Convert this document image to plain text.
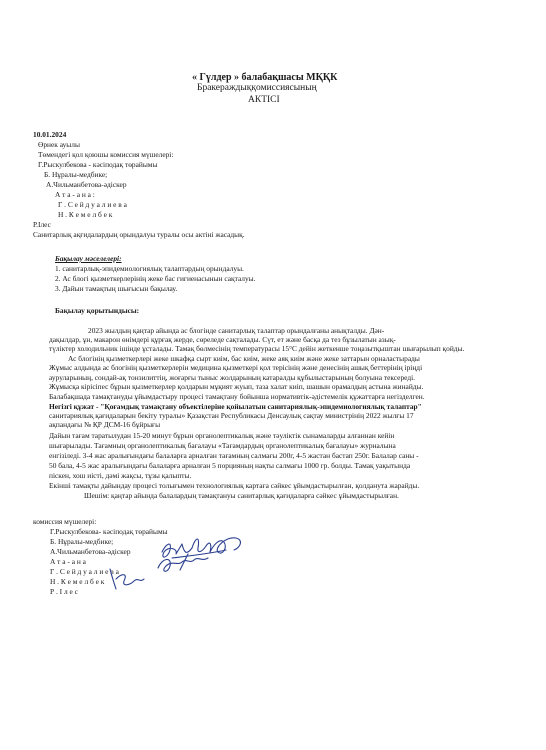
« Гүлдер » балабақшасы МҚҚК
Бракераждыққомиссиясының
АКТІСІ
10.01.2024
Өрнек ауылы
Төмендегі қол қоюшы комиссия мүшелері:
Г.Рыскулбекова - кәсіподақ төрайымы
Б. Нұралы-медбике;
А.Чильманбетова-әдіскер
А т а - а н а :
Г . С е й д у а л и е в а
Н . К е м е л б е к
Р.Ілес
Санитарлық ақғидалардың орындалуы туралы осы актіні жасадық.
Бақылау мәселелері:
1. санитарлық-эпидемиологиялық талаптардың орындалуы.
2. Ас блогі қызметкерлерінің жеке бас гигиенасынын сақталуы.
3. Дайын тамақтың шығысын бақылау.
Бақылау қорытындысы:
2023 жылдың қаңтар айында ас блогінде санитарлық талаптар орындалғаны анықталды. Дән-
дақылдар, ұн, макарон өнімдері құрғақ жерде, сөреледе сақталады. Сүт, ет және басқа да тез бұзылатын азық-
түліктер холодильник ішінде ұсталады. Тамақ бөлмесінің температурасы 15°С дейін жеткенше тоңазытқыштан шығарылып қойды.
Ас блогінің қызметкерлері жеке шкафқа сырт киім, бас киім, жеке аяқ киім және жеке заттарын орналастырады
Жұмыс алдында ас блогінің қызметкерлерін медицина қызметкері қол терісінің және денесінің ашық беттерінің іріңді
ауруларының, сондай-ақ тонзилиттің, жоғарғы тыныс жолдарының катаралды құбылыстарының болуына тексереді.
Жұмысқа кірісіпес бұрын қызметкерлер қолдарын мұқият жуып, таза халат киіп, шашын орамалдың астына жинайды.
Балабақшада тамақтануды ұйымдастыру процесі тамақтану бойынша нормативтік-әдістемелік құжаттарға негізделген.
Негізгі құжат - "Қоғамдық тамақтану объектілеріне қойылатын санитариялық-эпидемиологиялық талаптар"
санитариялық қағидаларын бекіту туралы» Қазақстан Республикасы Денсаулық сақтау министрінің 2022 жылғы 17
ақпандағы № ҚР ДСМ-16 бұйрығы
Дайын тағам таратылудан 15-20 минут бұрын органолептикалық және тәуліктік сынамаларды алғаннан кейін
шығарылады. Тағамның органолептикалық бағалауы «Тағамдардың органолептикалық бағалауы» журналына
енгізіледі. 3-4 жас аралығындағы балаларға арналған тағамның салмағы 200г, 4-5 жастан бастап 250г. Балалар саны -
50 бала, 4-5 жас аралығындағы балаларға арналған 5 порцияның нақты салмағы 1000 гр. болды. Тамақ уақытында
піскен, хош иісті, дәмі жақсы, тұзы қалыпты.
Екінші тамақты дайындау процесі толығымен технологиялық картаға сәйкес ұйымдастырылған, қолданута жарайды.
Шешім: қаңтар айында балалардың тамақтануы санитарлық қағидаларға сәйкес ұйымдастырылған.
комиссия мүшелері:
Г.Рыскулбекова- кәсіподақ төрайымы
Б. Нұралы-медбике;
А.Чильманбетова-әдіскер
А т а - а н а
Г . С е й д у а л и е в а
Н . К е м е л б е к
Р . І л е с
